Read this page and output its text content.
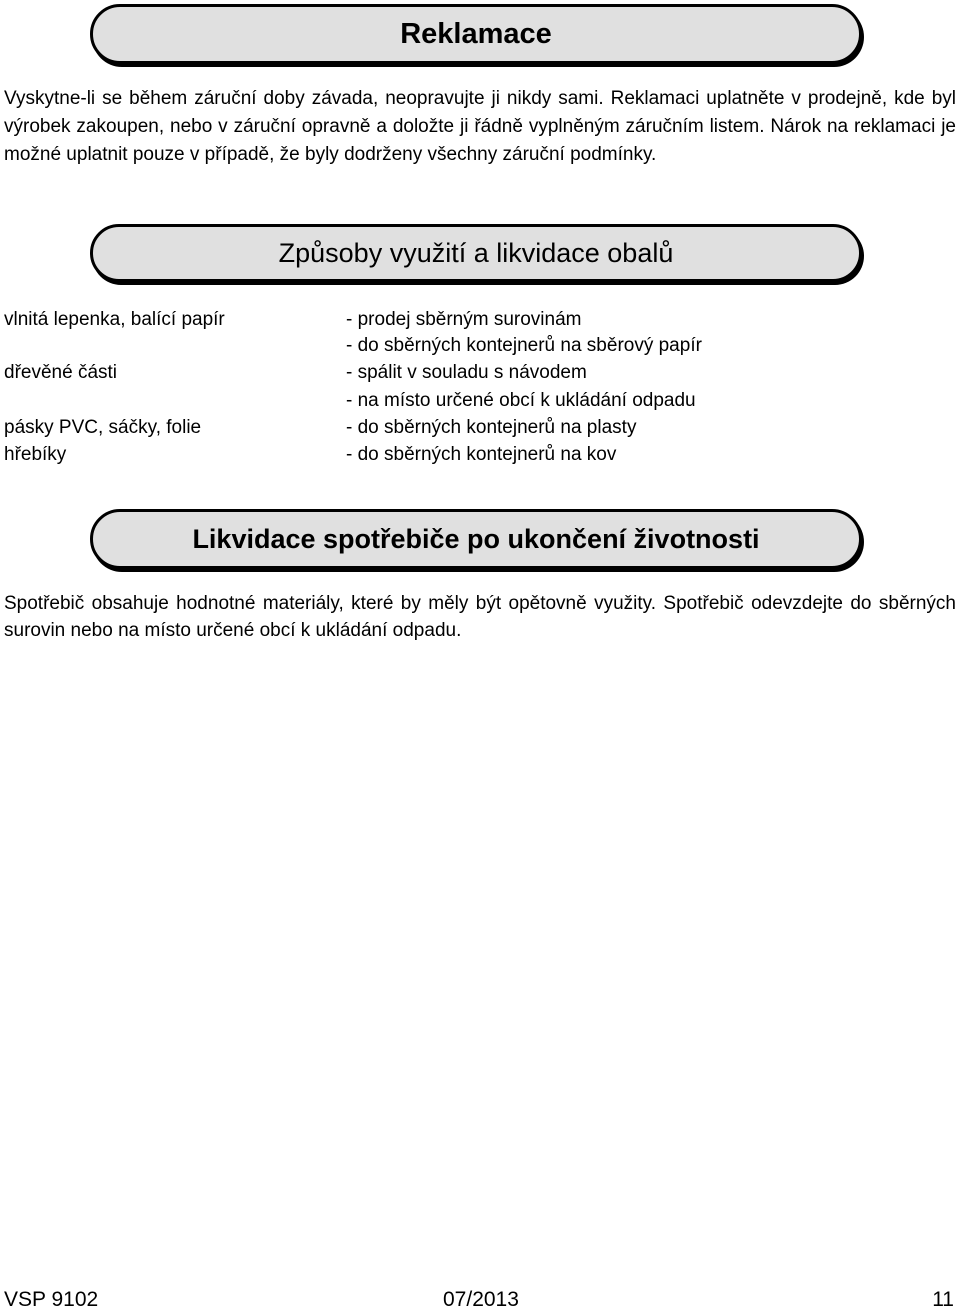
Reklamace

Vyskytne-li se během záruční doby závada, neopravujte ji nikdy sami. Reklamaci uplatněte v prodejně, kde byl výrobek zakoupen, nebo v záruční opravně a doložte ji řádně vyplněným záručním listem. Nárok na reklamaci je možné uplatnit pouze v případě, že byly dodrženy všechny záruční podmínky.

Způsoby využití a likvidace obalů
vlnitá lepenka, balící papír
dřevěné části
pásky PVC, sáčky, folie
hřebíky
- prodej sběrným surovinám
- do sběrných kontejnerů na sběrový papír
- spálit v souladu s návodem
- na místo určené obcí k ukládání odpadu
- do sběrných kontejnerů na plasty
- do sběrných kontejnerů na kov
Likvidace spotřebiče po ukončení životnosti

Spotřebič obsahuje hodnotné materiály, které by měly být opětovně využity. Spotřebič odevzdejte do sběrných surovin nebo na místo určené obcí k ukládání odpadu.

VSP 9102	07/2013	11
